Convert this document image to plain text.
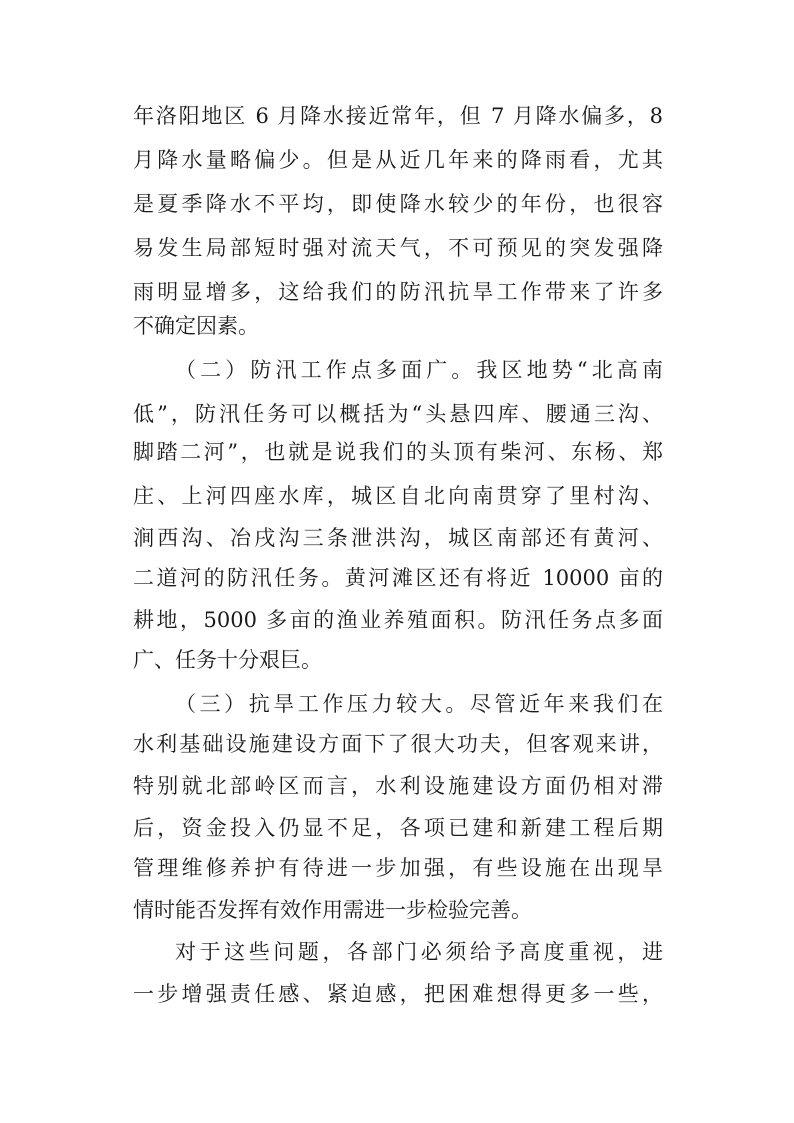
年洛阳地区 6 月降水接近常年，但 7 月降水偏多，8
月降水量略偏少。但是从近几年来的降雨看，尤其
是夏季降水不平均，即使降水较少的年份，也很容
易发生局部短时强对流天气，不可预见的突发强降
雨明显增多，这给我们的防汛抗旱工作带来了许多
不确定因素。
（二）防汛工作点多面广。我区地势“北高南
低”，防汛任务可以概括为“头悬四库、腰通三沟、
脚踏二河”，也就是说我们的头顶有柴河、东杨、郑
庄、上河四座水库，城区自北向南贯穿了里村沟、
涧西沟、冶戌沟三条泄洪沟，城区南部还有黄河、
二道河的防汛任务。黄河滩区还有将近 10000 亩的
耕地，5000 多亩的渔业养殖面积。防汛任务点多面
广、任务十分艰巨。
（三）抗旱工作压力较大。尽管近年来我们在
水利基础设施建设方面下了很大功夫，但客观来讲，
特别就北部岭区而言，水利设施建设方面仍相对滞
后，资金投入仍显不足，各项已建和新建工程后期
管理维修养护有待进一步加强，有些设施在出现旱
情时能否发挥有效作用需进一步检验完善。
对于这些问题，各部门必须给予高度重视，进
一步增强责任感、紧迫感，把困难想得更多一些，
